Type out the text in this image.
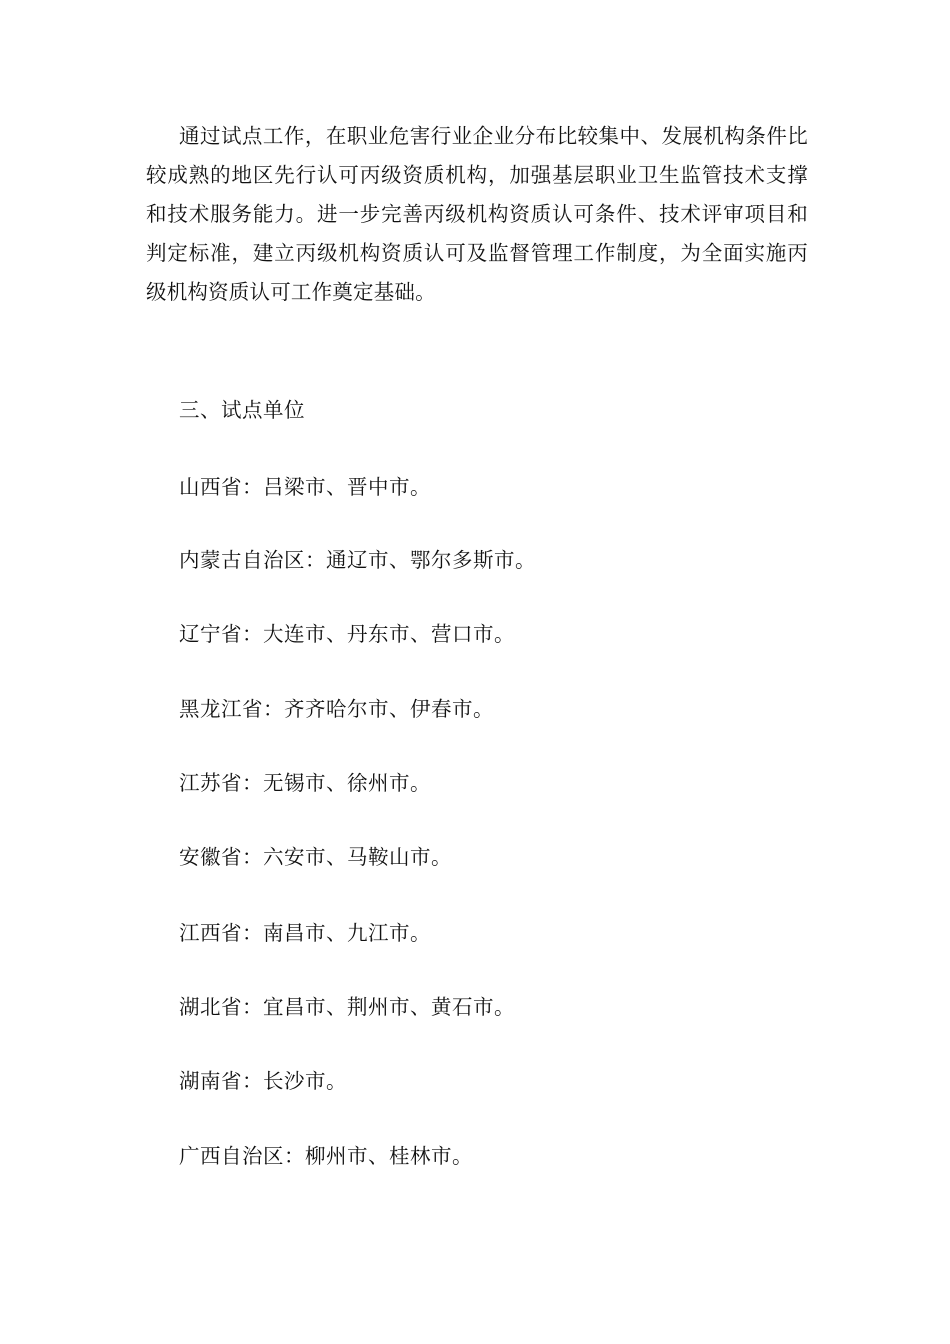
通过试点工作，在职业危害行业企业分布比较集中、发展机构条件比较成熟的地区先行认可丙级资质机构，加强基层职业卫生监管技术支撑和技术服务能力。进一步完善丙级机构资质认可条件、技术评审项目和判定标准，建立丙级机构资质认可及监督管理工作制度，为全面实施丙级机构资质认可工作奠定基础。

三、试点单位

山西省：吕梁市、晋中市。

内蒙古自治区：通辽市、鄂尔多斯市。

辽宁省：大连市、丹东市、营口市。

黑龙江省：齐齐哈尔市、伊春市。

江苏省：无锡市、徐州市。

安徽省：六安市、马鞍山市。

江西省：南昌市、九江市。

湖北省：宜昌市、荆州市、黄石市。

湖南省：长沙市。

广西自治区：柳州市、桂林市。
